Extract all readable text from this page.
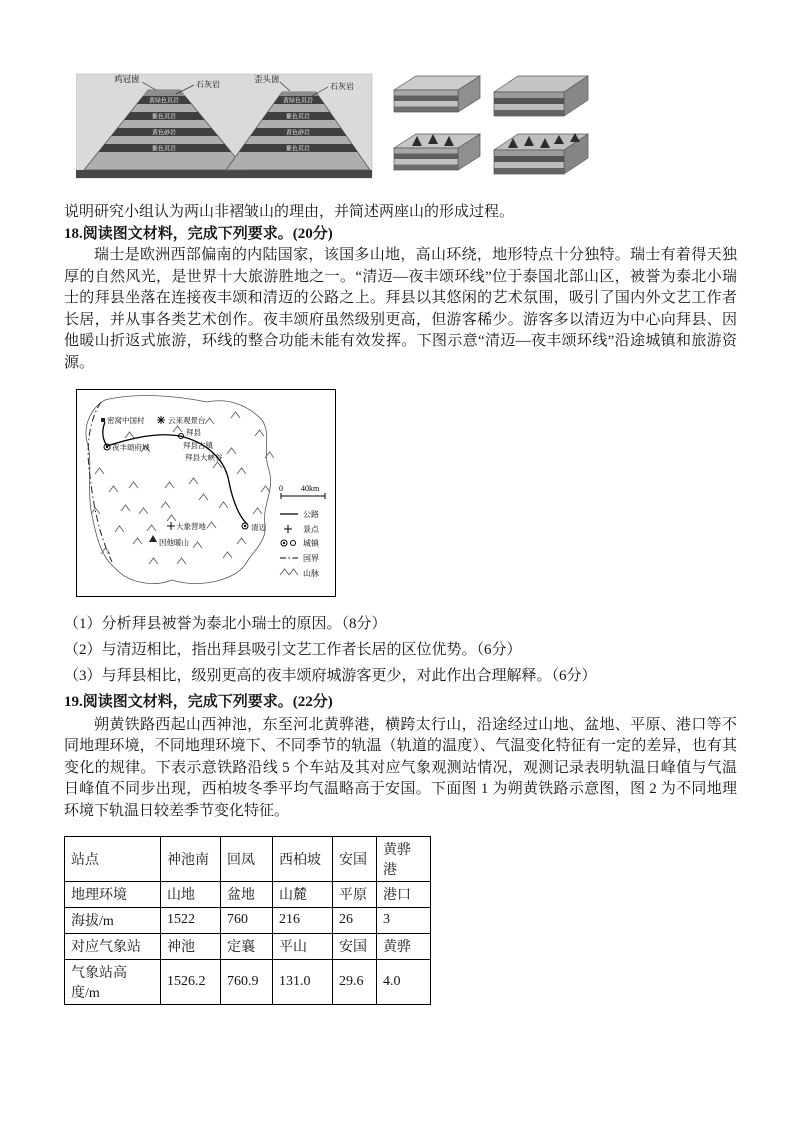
黄绿色页岩
紫色页岩
黄色砂岩
紫色页岩
鸡冠崮
石灰岩
黄绿色页岩
紫色页岩
黄色砂岩
紫色页岩
歪头崮
石灰岩

说明研究小组认为两山非褶皱山的理由，并简述两座山的形成过程。

18.阅读图文材料，完成下列要求。(20分)

瑞士是欧洲西部偏南的内陆国家，该国多山地，高山环绕，地形特点十分独特。瑞士有着得天独厚的自然风光，是世界十大旅游胜地之一。“清迈—夜丰颂环线”位于泰国北部山区，被誉为泰北小瑞士的拜县坐落在连接夜丰颂和清迈的公路之上。拜县以其悠闲的艺术氛围，吸引了国内外文艺工作者长居，并从事各类艺术创作。夜丰颂府虽然级别更高，但游客稀少。游客多以清迈为中心向拜县、因他暖山折返式旅游，环线的整合功能未能有效发挥。下图示意“清迈—夜丰颂环线”沿途城镇和旅游资源。

密窝中国村
夜丰颂府城
云来观景台
拜县
拜县古镇
拜县大峡谷
大象营地
因他暖山
清迈
0 40km
公路
景点
城镇
国界
山脉

（1）分析拜县被誉为泰北小瑞士的原因。（8分）

（2）与清迈相比，指出拜县吸引文艺工作者长居的区位优势。（6分）

（3）与拜县相比，级别更高的夜丰颂府城游客更少，对此作出合理解释。（6分）

19.阅读图文材料，完成下列要求。(22分)

朔黄铁路西起山西神池，东至河北黄骅港，横跨太行山，沿途经过山地、盆地、平原、港口等不同地理环境，不同地理环境下、不同季节的轨温（轨道的温度）、气温变化特征有一定的差异，也有其变化的规律。下表示意铁路沿线 5 个车站及其对应气象观测站情况，观测记录表明轨温日峰值与气温日峰值不同步出现，西柏坡冬季平均气温略高于安国。下面图 1 为朔黄铁路示意图，图 2 为不同地理环境下轨温日较差季节变化特征。

站点	神池南	回凤	西柏坡	安国	黄骅港
地理环境	山地	盆地	山麓	平原	港口
海拔/m	1522	760	216	26	3
对应气象站	神池	定襄	平山	安国	黄骅
气象站高度/m	1526.2	760.9	131.0	29.6	4.0
